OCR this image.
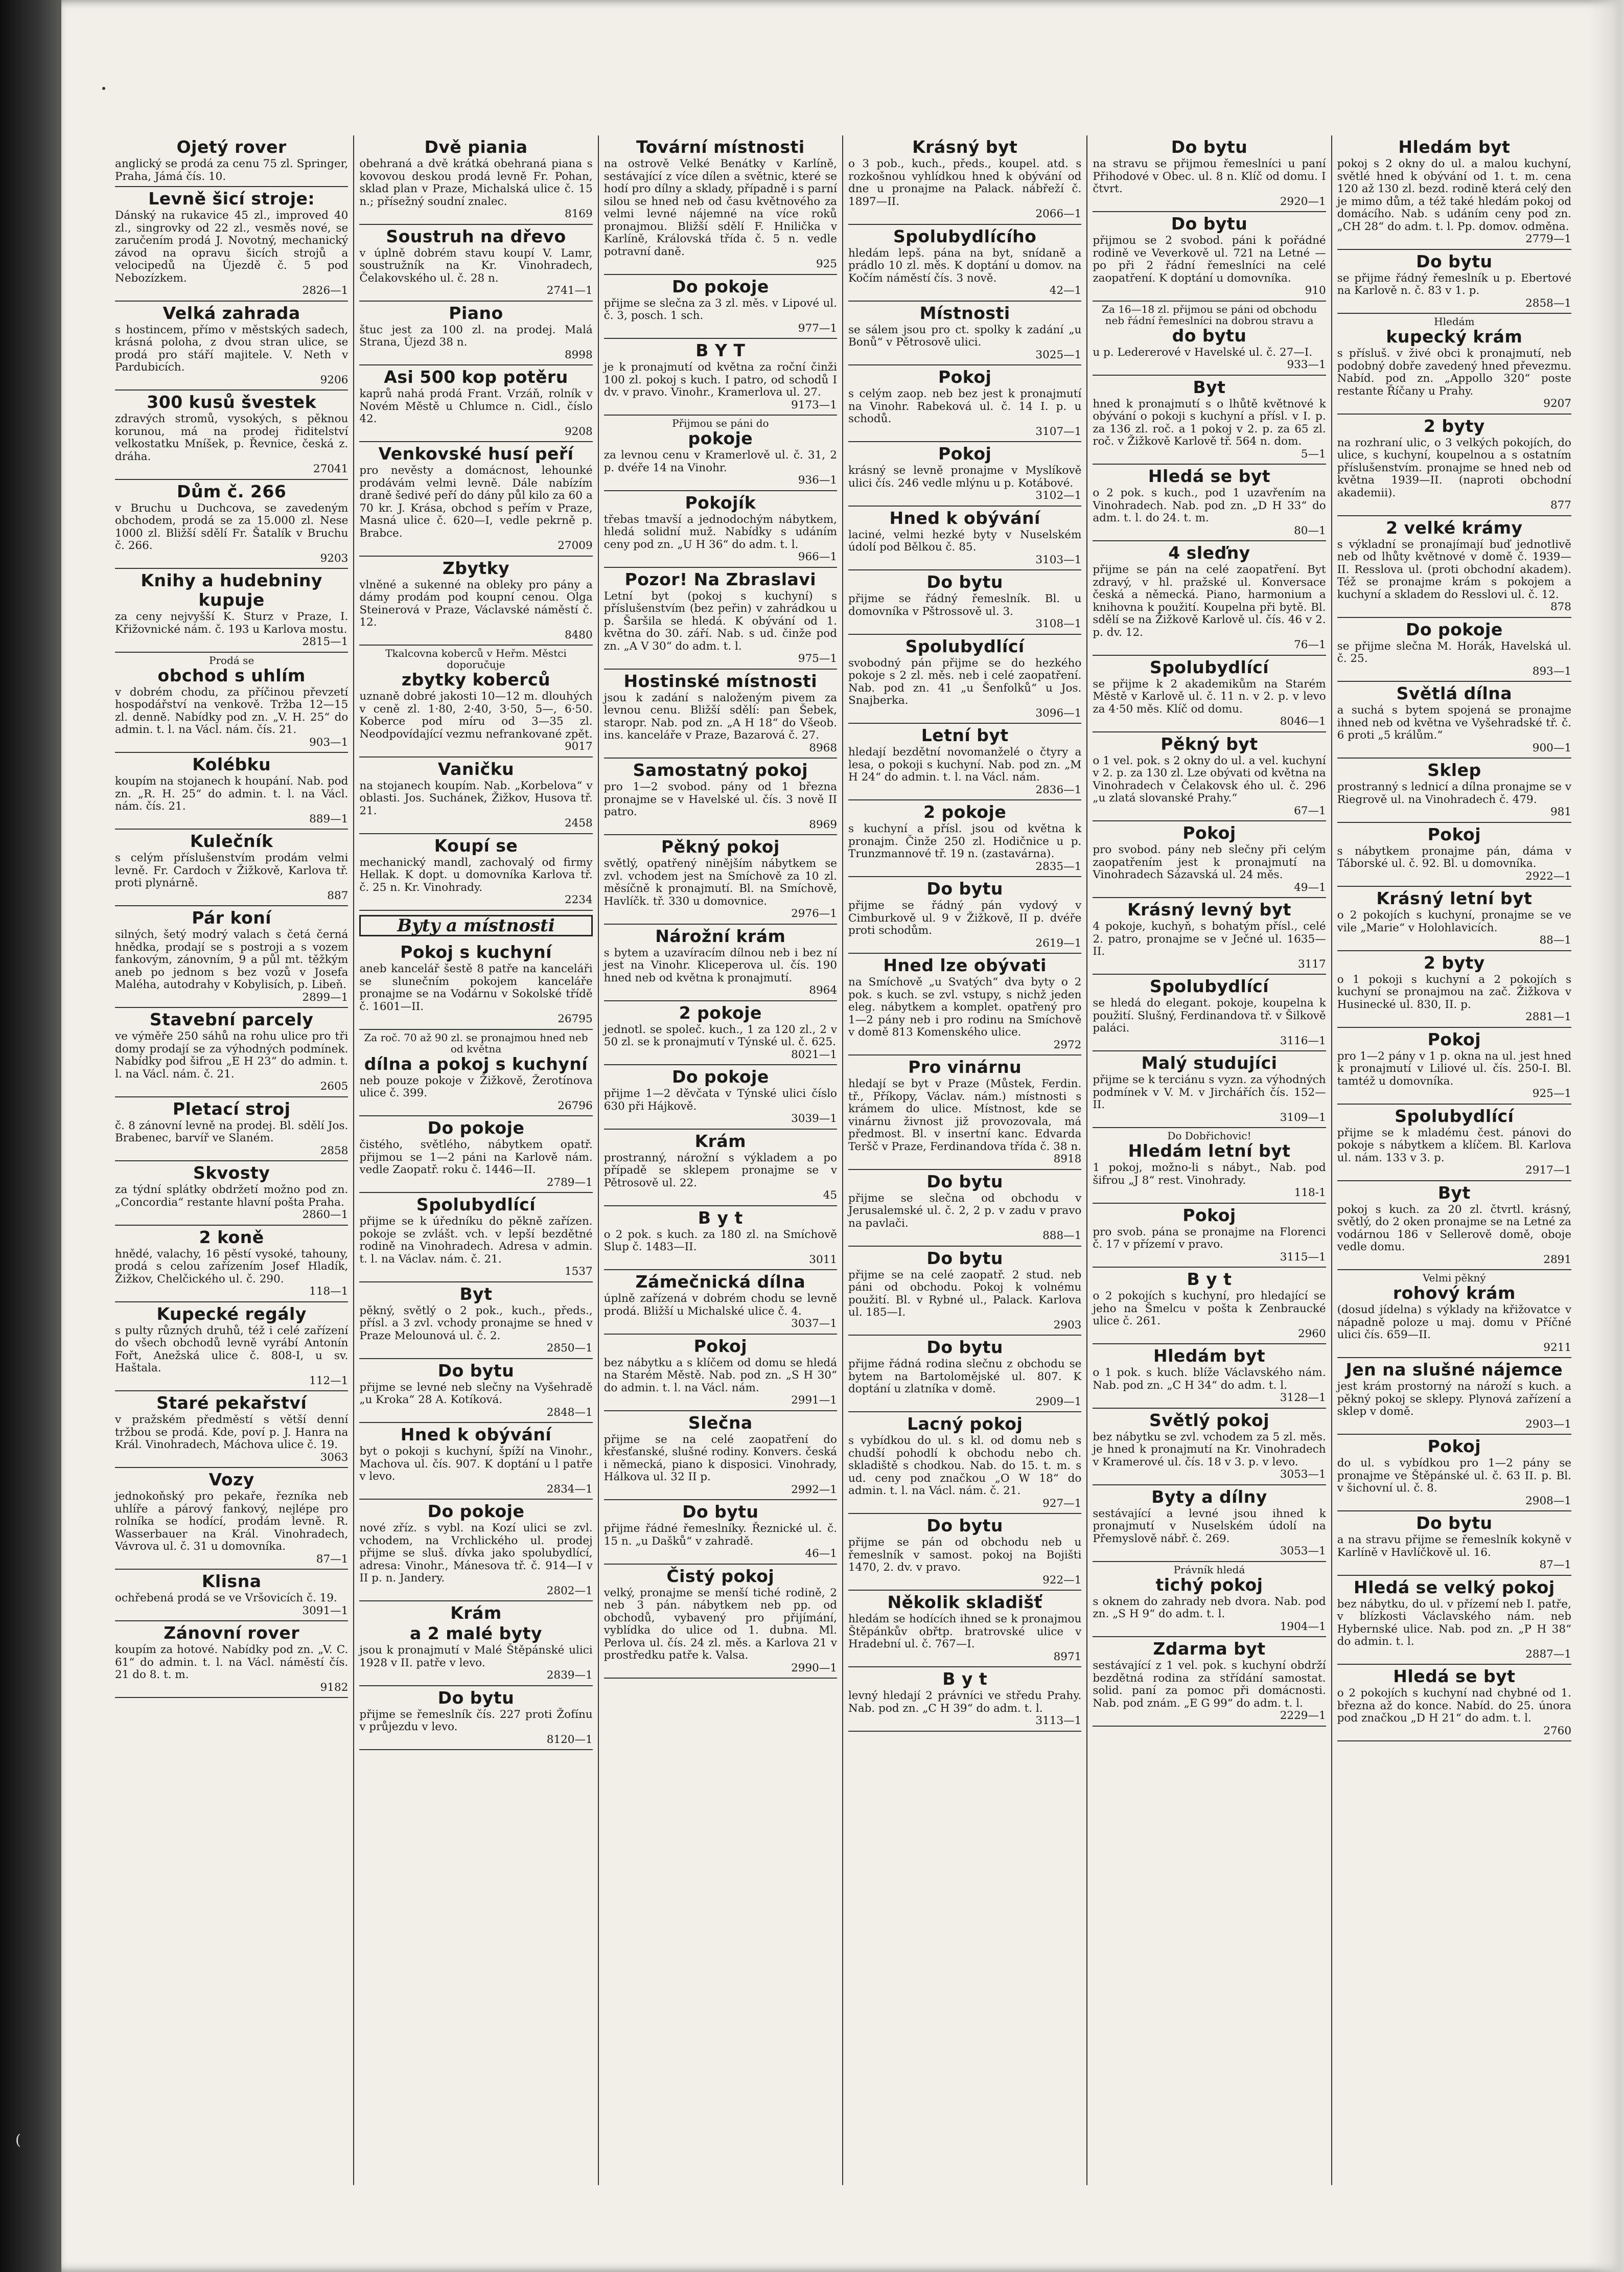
(
Ojetý rover
anglický se prodá za cenu 75 zl. Springer, Praha, Jámá čís. 10.
Levně šicí stroje:
Dánský na rukavice 45 zl., improved 40 zl., singrovky od 22 zl., vesměs nové, se zaručením prodá J. Novotný, mechanický závod na opravu šicích strojů a velocipedů na Újezdě č. 5 pod Nebozízkem.
2826—1
Velká zahrada
s hostincem, přímo v městských sadech, krásná poloha, z dvou stran ulice, se prodá pro stáří majitele. V. Neth v Pardubicích.
9206
300 kusů švestek
zdravých stromů, vysokých, s pěknou korunou, má na prodej řiditelství velkostatku Mníšek, p. Řevnice, česká z. dráha.
27041
Dům č. 266
v Bruchu u Duchcova, se zavedeným obchodem, prodá se za 15.000 zl. Nese 1000 zl. Bližší sdělí Fr. Šatalík v Bruchu č. 266.
9203
Knihy a hudebniny kupuje
za ceny nejvyšší K. Sturz v Praze, I. Křižovnické nám. č. 193 u Karlova mostu.
2815—1
Prodá se
obchod s uhlím
v dobrém chodu, za příčinou převzetí hospodářství na venkově. Tržba 12—15 zl. denně. Nabídky pod zn. „V. H. 25“ do admin. t. l. na Václ. nám. čís. 21.
903—1
Kolébku
koupím na stojanech k houpání. Nab. pod zn. „R. H. 25“ do admin. t. l. na Václ. nám. čís. 21.
889—1
Kulečník
s celým příslušenstvím prodám velmi levně. Fr. Cardoch v Žižkově, Karlova tř. proti plynárně.
887
Pár koní
silných, šetý modrý valach s četá černá hnědka, prodají se s postroji a s vozem fankovým, zánovním, 9 a půl mt. těžkým aneb po jednom s bez vozů v Josefa Maléha, autodrahy v Kobylisích, p. Libeň.
2899—1
Stavební parcely
ve výměře 250 sáhů na rohu ulice pro tři domy prodají se za výhodných podmínek. Nabídky pod šifrou „E H 23“ do admin. t. l. na Václ. nám. č. 21.
2605
Pletací stroj
č. 8 zánovní levně na prodej. Bl. sdělí Jos. Brabenec, barvíř ve Slaném.
2858
Skvosty
za týdní splátky obdržetí možno pod zn. „Concordia“ restante hlavní pošta Praha.
2860—1
2 koně
hnědé, valachy, 16 pěstí vysoké, tahouny, prodá s celou zařízením Josef Hladík, Žižkov, Chelčického ul. č. 290.
118—1
Kupecké regály
s pulty různých druhů, též i celé zařízení do všech obchodů levně vyrábí Antonín Fořt, Anežská ulice č. 808-I, u sv. Haštala.
112—1
Staré pekařství
v pražském předměstí s větší denní tržbou se prodá. Kde, poví p. J. Hanra na Král. Vinohradech, Máchova ulice č. 19.
3063
Vozy
jednokoňský pro pekaře, řezníka neb uhlíře a párový fankový, nejlépe pro rolníka se hodící, prodám levně. R. Wasserbauer na Král. Vinohradech, Vávrova ul. č. 31 u domovníka.
87—1
Klisna
ochřebená prodá se ve Vršovicích č. 19.
3091—1
Zánovní rover
koupím za hotové. Nabídky pod zn. „V. C. 61“ do admin. t. l. na Václ. náměstí čís. 21 do 8. t. m.
9182
Dvě piania
obehraná a dvě krátká obehraná piana s kovovou deskou prodá levně Fr. Pohan, sklad plan v Praze, Michalská ulice č. 15 n.; přísežný soudní znalec.
8169
Soustruh na dřevo
v úplně dobrém stavu koupí V. Lamr, soustružník na Kr. Vinohradech, Čelakovského ul. č. 28 n.
2741—1
Piano
štuc jest za 100 zl. na prodej. Malá Strana, Újezd 38 n.
8998
Asi 500 kop potěru
kaprů nahá prodá Frant. Vrzáň, rolník v Novém Městě u Chlumce n. Cidl., číslo 42.
9208
Venkovské husí peří
pro nevěsty a domácnost, lehounké prodávám velmi levně. Dále nabízím draně šedivé peří do dány půl kilo za 60 a 70 kr. J. Krása, obchod s peřím v Praze, Masná ulice č. 620—I, vedle pekrně p. Brabce.
27009
Zbytky
vlněné a sukenné na obleky pro pány a dámy prodám pod koupní cenou. Olga Steinerová v Praze, Václavské náměstí č. 12.
8480
Tkalcovna koberců v Heřm. Městci doporučuje
zbytky koberců
uznaně dobré jakosti 10—12 m. dlouhých v ceně zl. 1·80, 2·40, 3·50, 5—, 6·50. Koberce pod míru od 3—35 zl. Neodpovídající vezmu nefrankované zpět.
9017
Vaničku
na stojanech koupím. Nab. „Korbelova“ v oblasti. Jos. Suchánek, Žižkov, Husova tř. 21.
2458
Koupí se
mechanický mandl, zachovalý od firmy Hellak. K dopt. u domovníka Karlova tř. č. 25 n. Kr. Vinohrady.
2234
Byty a místnosti
Pokoj s kuchyní
aneb kancelář šestě 8 patře na kanceláři se slunečním pokojem kanceláře pronajme se na Vodárnu v Sokolské třídě č. 1601—II.
26795
Za roč. 70 až 90 zl. se pronajmou hned neb od května
dílna a pokoj s kuchyní
neb pouze pokoje v Žižkově, Žerotínova ulice č. 399.
26796
Do pokoje
čistého, světlého, nábytkem opatř. přijmou se 1—2 páni na Karlově nám. vedle Zaopatř. roku č. 1446—II.
2789—1
Spolubydlící
přijme se k úředníku do pěkně zařízen. pokoje se zvlášt. vch. v lepší bezdětné rodině na Vinohradech. Adresa v admin. t. l. na Václav. nám. č. 21.
1537
Byt
pěkný, světlý o 2 pok., kuch., předs., přísl. a 3 zvl. vchody pronajme se hned v Praze Melounová ul. č. 2.
2850—1
Do bytu
přijme se levné neb slečny na Vyšehradě „u Kroka“ 28 A. Kotíková.
2848—1
Hned k obývání
byt o pokoji s kuchyní, špíží na Vinohr., Machova ul. čís. 907. K doptání u l patře v levo.
2834—1
Do pokoje
nové zříz. s vybl. na Kozí ulici se zvl. vchodem, na Vrchlického ul. prodej přijme se sluš. dívka jako spolubydlící, adresa: Vinohr., Mánesova tř. č. 914—I v II p. n. Jandery.
2802—1
Krám
a 2 malé byty
jsou k pronajmutí v Malé Štěpánské ulici 1928 v II. patře v levo.
2839—1
Do bytu
přijme se řemeslník čís. 227 proti Žofínu v průjezdu v levo.
8120—1
Tovární místnosti
na ostrově Velké Benátky v Karlíně, sestávající z více dílen a světnic, které se hodí pro dílny a sklady, případně i s parní silou se hned neb od času květnového za velmi levné nájemné na více roků pronajmou. Bližší sdělí F. Hnilička v Karlíně, Královská třída č. 5 n. vedle potravní daně.
925
Do pokoje
přijme se slečna za 3 zl. měs. v Lipové ul. č. 3, posch. 1 sch.
977—1
B Y T
je k pronajmutí od května za roční činži 100 zl. pokoj s kuch. I patro, od schodů I dv. v pravo. Vinohr., Kramerlova ul. 27.
9173—1
Přijmou se páni do
pokoje
za levnou cenu v Kramerlově ul. č. 31, 2 p. dvéře 14 na Vinohr.
936—1
Pokojík
třebas tmavší a jednodochým nábytkem, hledá solidní muž. Nabídky s udáním ceny pod zn. „U H 36“ do adm. t. l.
966—1
Pozor! Na Zbraslavi
Letní byt (pokoj s kuchyní) s příslušenstvím (bez peřin) v zahrádkou u p. Šaršila se hledá. K obývání od 1. května do 30. září. Nab. s ud. činže pod zn. „A V 30“ do adm. t. l.
975—1
Hostinské místnosti
jsou k zadání s naloženým pivem za levnou cenu. Bližší sdělí: pan Šebek, staropr. Nab. pod zn. „A H 18“ do Všeob. ins. kanceláře v Praze, Bazarová č. 27.
8968
Samostatný pokoj
pro 1—2 svobod. pány od 1 března pronajme se v Havelské ul. čís. 3 nově II patro.
8969
Pěkný pokoj
světlý, opatřený ninějším nábytkem se zvl. vchodem jest na Smíchově za 10 zl. měsíčně k pronajmutí. Bl. na Smíchově, Havlíčk. tř. 330 u domovnice.
2976—1
Nárožní krám
s bytem a uzavíracím dílnou neb i bez ní jest na Vinohr. Kliceperova ul. čís. 190 hned neb od května k pronajmutí.
8964
2 pokoje
jednotl. se společ. kuch., 1 za 120 zl., 2 v 50 zl. se k pronajmutí v Týnské ul. č. 625.
8021—1
Do pokoje
přijme 1—2 děvčata v Týnské ulici číslo 630 při Hájkově.
3039—1
Krám
prostranný, nárožní s výkladem a po případě se sklepem pronajme se v Pětrosově ul. 22.
45
B y t
o 2 pok. s kuch. za 180 zl. na Smíchově Slup č. 1483—II.
3011
Zámečnická dílna
úplně zařízená v dobrém chodu se levně prodá. Bližší u Michalské ulice č. 4.
3037—1
Pokoj
bez nábytku a s klíčem od domu se hledá na Starém Městě. Nab. pod zn. „S H 30“ do admin. t. l. na Václ. nám.
2991—1
Slečna
přijme se na celé zaopatření do křesťanské, slušné rodiny. Konvers. česká i německá, piano k disposici. Vinohrady, Hálkova ul. 32 II p.
2992—1
Do bytu
přijme řádné řemeslníky. Řeznické ul. č. 15 n. „u Dašků“ v zahradě.
46—1
Čistý pokoj
velký, pronajme se menší tiché rodině, 2 neb 3 pán. nábytkem neb pp. od obchodů, vybavený pro přijímání, vyblídka do ulice od 1. dubna. Ml. Perlova ul. čís. 24 zl. měs. a Karlova 21 v prostředku patře k. Valsa.
2990—1
Krásný byt
o 3 pob., kuch., předs., koupel. atd. s rozkošnou vyhlídkou hned k obývání od dne u pronajme na Palack. nábřeží č. 1897—II.
2066—1
Spolubydlícího
hledám lepš. pána na byt, snídaně a prádlo 10 zl. měs. K doptání u domov. na Kočím náměstí čís. 3 nově.
42—1
Místnosti
se sálem jsou pro ct. spolky k zadání „u Bonů“ v Pětrosově ulici.
3025—1
Pokoj
s celým zaop. neb bez jest k pronajmutí na Vinohr. Rabeková ul. č. 14 I. p. u schodů.
3107—1
Pokoj
krásný se levně pronajme v Myslíkově ulici čís. 246 vedle mlýnu u p. Kotábové.
3102—1
Hned k obývání
laciné, velmi hezké byty v Nuselském údolí pod Bělkou č. 85.
3103—1
Do bytu
přijme se řádný řemeslník. Bl. u domovníka v Pštrossově ul. 3.
3108—1
Spolubydlící
svobodný pán přijme se do hezkého pokoje s 2 zl. měs. neb i celé zaopatření. Nab. pod zn. 41 „u Šenfolků“ u Jos. Snajberka.
3096—1
Letní byt
hledají bezdětní novomanželé o čtyry a lesa, o pokoji s kuchyní. Nab. pod zn. „M H 24“ do admin. t. l. na Václ. nám.
2836—1
2 pokoje
s kuchyní a přísl. jsou od května k pronajm. Činže 250 zl. Hodičnice u p. Trunzmannové tř. 19 n. (zastavárna).
2835—1
Do bytu
přijme se řádný pán vydový v Cimburkově ul. 9 v Žižkově, II p. dvéře proti schodům.
2619—1
Hned lze obývati
na Smíchově „u Svatých“ dva byty o 2 pok. s kuch. se zvl. vstupy, s nichž jeden eleg. nábytkem a komplet. opatřený pro 1—2 pány neb i pro rodinu na Smíchově v domě 813 Komenského ulice.
2972
Pro vinárnu
hledají se byt v Praze (Můstek, Ferdin. tř., Příkopy, Václav. nám.) místnosti s krámem do ulice. Místnost, kde se vinárnu živnost již provozovala, má předmost. Bl. v insertní kanc. Edvarda Teršč v Praze, Ferdinandova třída č. 38 n.
8918
Do bytu
přijme se slečna od obchodu v Jerusalemské ul. č. 2, 2 p. v zadu v pravo na pavlači.
888—1
Do bytu
přijme se na celé zaopatř. 2 stud. neb páni od obchodu. Pokoj k volnému použití. Bl. v Rybné ul., Palack. Karlova ul. 185—I.
2903
Do bytu
přijme řádná rodina slečnu z obchodu se bytem na Bartolomějské ul. 807. K doptání u zlatníka v domě.
2909—1
Lacný pokoj
s vybídkou do ul. s kl. od domu neb s chudší pohodlí k obchodu nebo ch. skladiště s chodkou. Nab. do 15. t. m. s ud. ceny pod značkou „O W 18“ do admin. t. l. na Václ. nám. č. 21.
927—1
Do bytu
přijme se pán od obchodu neb u řemeslník v samost. pokoj na Bojišti 1470, 2. dv. v pravo.
922—1
Několik skladišť
hledám se hodících ihned se k pronajmou Štěpánkův obřtp. bratrovské ulice v Hradební ul. č. 767—I.
8971
B y t
levný hledají 2 právníci ve středu Prahy. Nab. pod zn. „C H 39“ do adm. t. l.
3113—1
Do bytu
na stravu se přijmou řemeslníci u paní Přihodové v Obec. ul. 8 n. Klíč od domu. I čtvrt.
2920—1
Do bytu
přijmou se 2 svobod. páni k pořádné rodině ve Veverkově ul. 721 na Letné — po při 2 řádní řemeslníci na celé zaopatření. K doptání u domovníka.
910
Za 16—18 zl. přijmou se páni od obchodu neb řádní řemeslníci na dobrou stravu a
do bytu
u p. Ledererové v Havelské ul. č. 27—I.
933—1
Byt
hned k pronajmutí s o lhůtě květnové k obývání o pokoji s kuchyní a přísl. v I. p. za 136 zl. roč. a 1 pokoj v 2. p. za 65 zl. roč. v Žižkově Karlově tř. 564 n. dom.
5—1
Hledá se byt
o 2 pok. s kuch., pod 1 uzavřením na Vinohradech. Nab. pod zn. „D H 33“ do adm. t. l. do 24. t. m.
80—1
4 sleďny
přijme se pán na celé zaopatření. Byt zdravý, v hl. pražské ul. Konversace česká a německá. Piano, harmonium a knihovna k použití. Koupelna při bytě. Bl. sdělí se na Žižkově Karlově ul. čís. 46 v 2. p. dv. 12.
76—1
Spolubydlící
se přijme k 2 akademikům na Starém Městě v Karlově ul. č. 11 n. v 2. p. v levo za 4·50 měs. Klíč od domu.
8046—1
Pěkný byt
o 1 vel. pok. s 2 okny do ul. a vel. kuchyní v 2. p. za 130 zl. Lze obývati od května na Vinohradech v Čelakovsk ého ul. č. 296 „u zlatá slovanské Prahy.“
67—1
Pokoj
pro svobod. pány neb slečny při celým zaopatřením jest k pronajmutí na Vinohradech Sázavská ul. 24 měs.
49—1
Krásný levný byt
4 pokoje, kuchyň, s bohatým přísl., celé 2. patro, pronajme se v Ječné ul. 1635—II.
3117
Spolubydlící
se hledá do elegant. pokoje, koupelna k použití. Slušný, Ferdinandova tř. v Šilkově paláci.
3116—1
Malý studujíci
přijme se k terciánu s vyzn. za výhodných podmínek v V. M. v Jirchářích čís. 152—II.
3109—1
Do Dobřichovic!
Hledám letní byt
1 pokoj, možno-li s nábyt., Nab. pod šifrou „J 8“ rest. Vinohrady.
118-1
Pokoj
pro svob. pána se pronajme na Florenci č. 17 v přízemí v pravo.
3115—1
B y t
o 2 pokojích s kuchyní, pro hledající se jeho na Šmelcu v pošta k Zenbraucké ulice č. 261.
2960
Hledám byt
o 1 pok. s kuch. blíže Václavského nám. Nab. pod zn. „C H 34“ do adm. t. l.
3128—1
Světlý pokoj
bez nábytku se zvl. vchodem za 5 zl. měs. je hned k pronajmutí na Kr. Vinohradech v Kramerové ul. čís. 18 v 3. p. v levo.
3053—1
Byty a dílny
sestávající a levné jsou ihned k pronajmutí v Nuselském údolí na Přemyslově nábř. č. 269.
3053—1
Právník hledá
tichý pokoj
s oknem do zahrady neb dvora. Nab. pod zn. „S H 9“ do adm. t. l.
1904—1
Zdarma byt
sestávající z 1 vel. pok. s kuchyní obdrží bezdětná rodina za střídání samostat. solid. paní za pomoc při domácnosti. Nab. pod znám. „E G 99“ do adm. t. l.
2229—1
Hledám byt
pokoj s 2 okny do ul. a malou kuchyní, světlé hned k obývání od 1. t. m. cena 120 až 130 zl. bezd. rodině která celý den je mimo dům, a též také hledám pokoj od domácího. Nab. s udáním ceny pod zn. „CH 28“ do adm. t. l. Pp. domov. odměna.
2779—1
Do bytu
se přijme řádný řemeslník u p. Ebertové na Karlově n. č. 83 v 1. p.
2858—1
Hledám
kupecký krám
s přísluš. v živé obci k pronajmutí, neb podobný dobře zavedený hned převezmu. Nabíd. pod zn. „Appollo 320“ poste restante Říčany u Prahy.
9207
2 byty
na rozhraní ulic, o 3 velkých pokojích, do ulice, s kuchyní, koupelnou a s ostatním příslušenstvím. pronajme se hned neb od května 1939—II. (naproti obchodní akademii).
877
2 velké krámy
s výkladní se pronajímají buď jednotlivě neb od lhůty květnové v domě č. 1939—II. Resslova ul. (proti obchodní akadem). Též se pronajme krám s pokojem a kuchyní a skladem do Resslovi ul. č. 12.
878
Do pokoje
se přijme slečna M. Horák, Havelská ul. č. 25.
893—1
Světlá dílna
a suchá s bytem spojená se pronajme ihned neb od května ve Vyšehradské tř. č. 6 proti „5 králům.“
900—1
Sklep
prostranný s lednicí a dílna pronajme se v Riegrově ul. na Vinohradech č. 479.
981
Pokoj
s nábytkem pronajme pán, dáma v Táborské ul. č. 92. Bl. u domovníka.
2922—1
Krásný letní byt
o 2 pokojích s kuchyní, pronajme se ve vile „Marie“ v Holohlavicích.
88—1
2 byty
o 1 pokoji s kuchyní a 2 pokojích s kuchyní se pronajmou na zač. Žižkova v Husinecké ul. 830, II. p.
2881—1
Pokoj
pro 1—2 pány v 1 p. okna na ul. jest hned k pronajmutí v Liliové ul. čís. 250-I. Bl. tamtéž u domovníka.
925—1
Spolubydlící
přijme se k mladému čest. pánovi do pokoje s nábytkem a klíčem. Bl. Karlova ul. nám. 133 v 3. p.
2917—1
Byt
pokoj s kuch. za 20 zl. čtvrtl. krásný, světlý, do 2 oken pronajme se na Letné za vodárnou 186 v Sellerově domě, oboje vedle domu.
2891
Velmi pěkný
rohový krám
(dosud jídelna) s výklady na křižovatce v nápadně poloze u maj. domu v Příčné ulici čís. 659—II.
9211
Jen na slušné nájemce
jest krám prostorný na nároží s kuch. a pěkný pokoj se sklepy. Plynová zařízení a sklep v domě.
2903—1
Pokoj
do ul. s vybídkou pro 1—2 pány se pronajme ve Štěpánské ul. č. 63 II. p. Bl. v šichovní ul. č. 8.
2908—1
Do bytu
a na stravu přijme se řemeslník kokyně v Karlíně v Havlíčkově ul. 16.
87—1
Hledá se velký pokoj
bez nábytku, do ul. v přízemí neb I. patře, v blízkosti Václavského nám. neb Hybernské ulice. Nab. pod zn. „P H 38“ do admin. t. l.
2887—1
Hledá se byt
o 2 pokojích s kuchyní nad chybné od 1. března až do konce. Nabíd. do 25. února pod značkou „D H 21“ do adm. t. l.
2760
